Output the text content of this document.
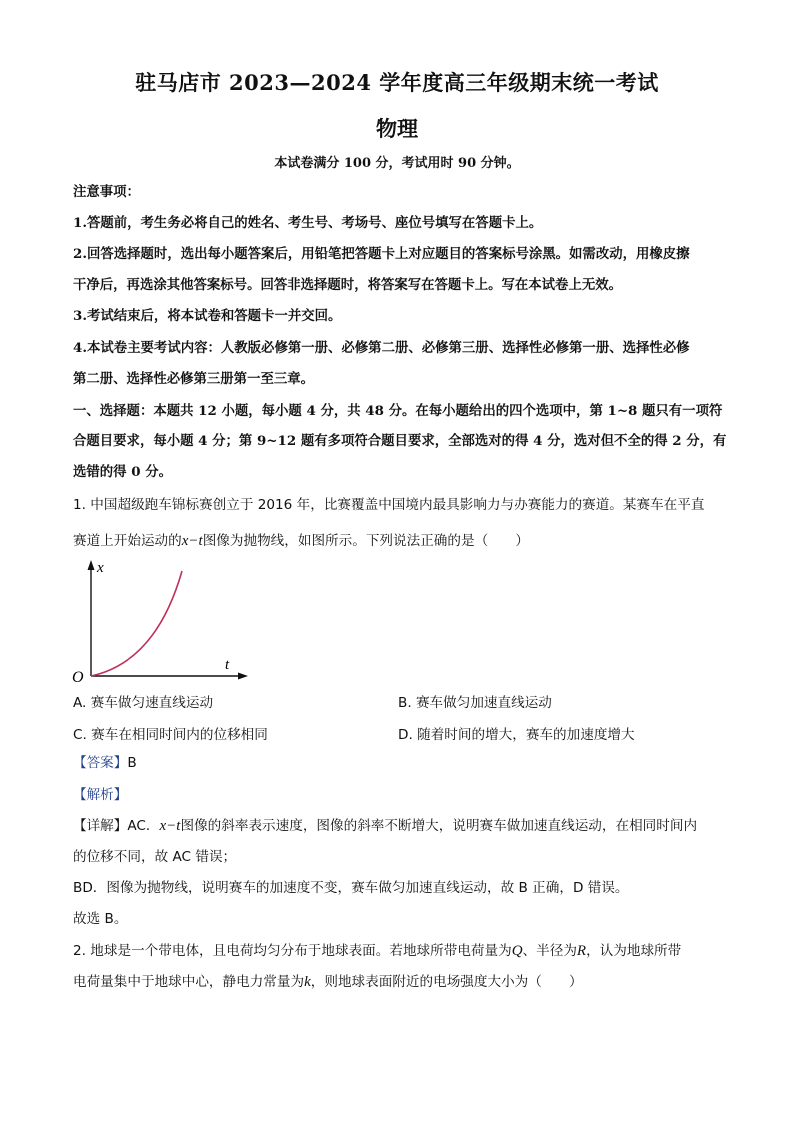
驻马店市 2023—2024 学年度高三年级期末统一考试
物理
本试卷满分 100 分，考试用时 90 分钟。
注意事项：
1.答题前，考生务必将自己的姓名、考生号、考场号、座位号填写在答题卡上。
2.回答选择题时，选出每小题答案后，用铅笔把答题卡上对应题目的答案标号涂黑。如需改动，用橡皮擦
干净后，再选涂其他答案标号。回答非选择题时，将答案写在答题卡上。写在本试卷上无效。
3.考试结束后，将本试卷和答题卡一并交回。
4.本试卷主要考试内容：人教版必修第一册、必修第二册、必修第三册、选择性必修第一册、选择性必修
第二册、选择性必修第三册第一至三章。
一、选择题：本题共 12 小题，每小题 4 分，共 48 分。在每小题给出的四个选项中，第 1~8 题只有一项符
合题目要求，每小题 4 分；第 9~12 题有多项符合题目要求，全部选对的得 4 分，选对但不全的得 2 分，有
选错的得 0 分。
1. 中国超级跑车锦标赛创立于 2016 年，比赛覆盖中国境内最具影响力与办赛能力的赛道。某赛车在平直
赛道上开始运动的x−t图像为抛物线，如图所示。下列说法正确的是（　　）
x
t
O
A. 赛车做匀速直线运动	B. 赛车做匀加速直线运动
C. 赛车在相同时间内的位移相同	D. 随着时间的增大，赛车的加速度增大
【答案】B
【解析】
【详解】AC．x−t图像的斜率表示速度，图像的斜率不断增大，说明赛车做加速直线运动，在相同时间内
的位移不同，故 AC 错误；
BD．图像为抛物线，说明赛车的加速度不变，赛车做匀加速直线运动，故 B 正确，D 错误。
故选 B。
2. 地球是一个带电体，且电荷均匀分布于地球表面。若地球所带电荷量为Q、半径为R，认为地球所带
电荷量集中于地球中心，静电力常量为k，则地球表面附近的电场强度大小为（　　）
